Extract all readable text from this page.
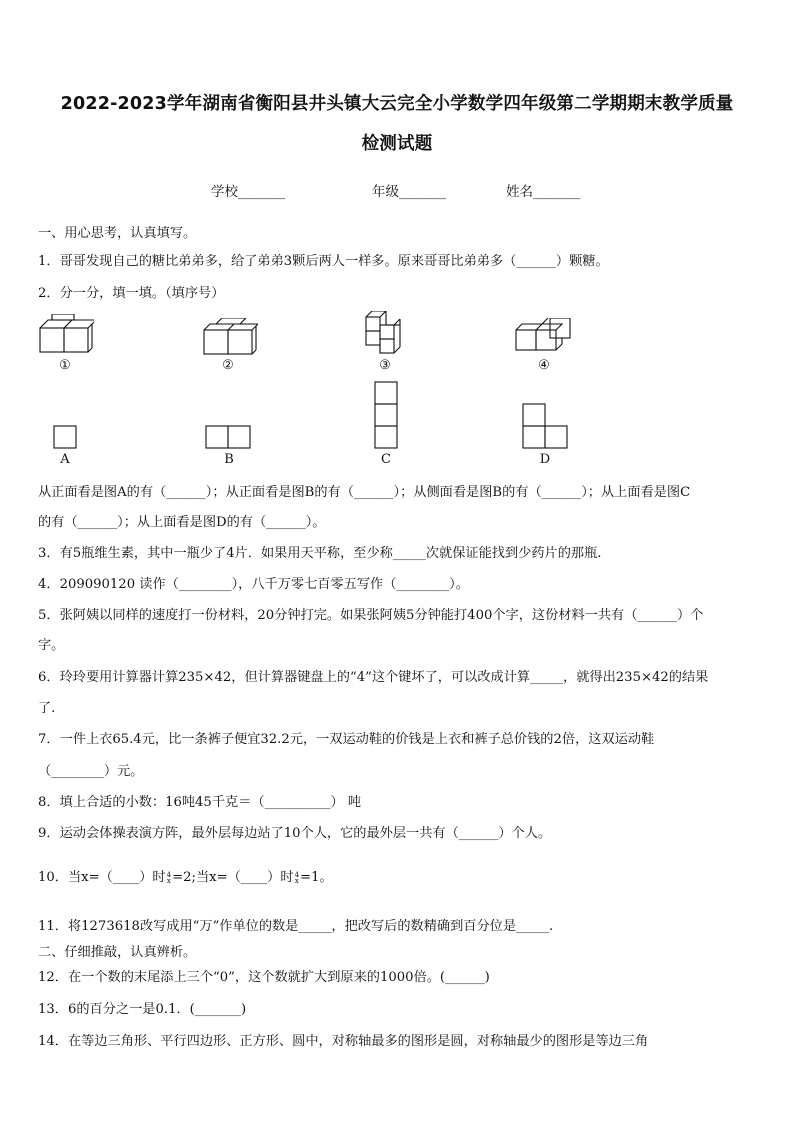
2022-2023学年湖南省衡阳县井头镇大云完全小学数学四年级第二学期期末教学质量
检测试题
学校_______	年级_______	姓名_______
一、用心思考，认真填写。
1．哥哥发现自己的糖比弟弟多，给了弟弟3颗后两人一样多。原来哥哥比弟弟多（______）颗糖。
2．分一分，填一填。（填序号）
①	②	③	④
A	B	C	D
从正面看是图A的有（______）；从正面看是图B的有（______）；从侧面看是图B的有（______）；从上面看是图C
的有（______）；从上面看是图D的有（______）。
3．有5瓶维生素，其中一瓶少了4片．如果用天平称，至少称_____次就保证能找到少药片的那瓶.
4．209090120 读作（________），八千万零七百零五写作（________）。
5．张阿姨以同样的速度打一份材料，20分钟打完。如果张阿姨5分钟能打400个字，这份材料一共有（______）个
字。
6．玲玲要用计算器计算235×42，但计算器键盘上的“4”这个键坏了，可以改成计算_____，就得出235×42的结果
了.
7．一件上衣65.4元，比一条裤子便宜32.2元，一双运动鞋的价钱是上衣和裤子总价钱的2倍，这双运动鞋
（________）元。
8．填上合适的小数：16吨45千克＝（__________） 吨
9．运动会体操表演方阵，最外层每边站了10个人，它的最外层一共有（______）个人。
10．当x=（____）时 4
x =2;当x=（____）时 4
x =1。
11．将1273618改写成用“万”作单位的数是_____，把改写后的数精确到百分位是_____.
二、仔细推敲，认真辨析。
12．在一个数的末尾添上三个“0”，这个数就扩大到原来的1000倍。(______)
13．6的百分之一是0.1．(_______)
14．在等边三角形、平行四边形、正方形、圆中，对称轴最多的图形是圆，对称轴最少的图形是等边三角
